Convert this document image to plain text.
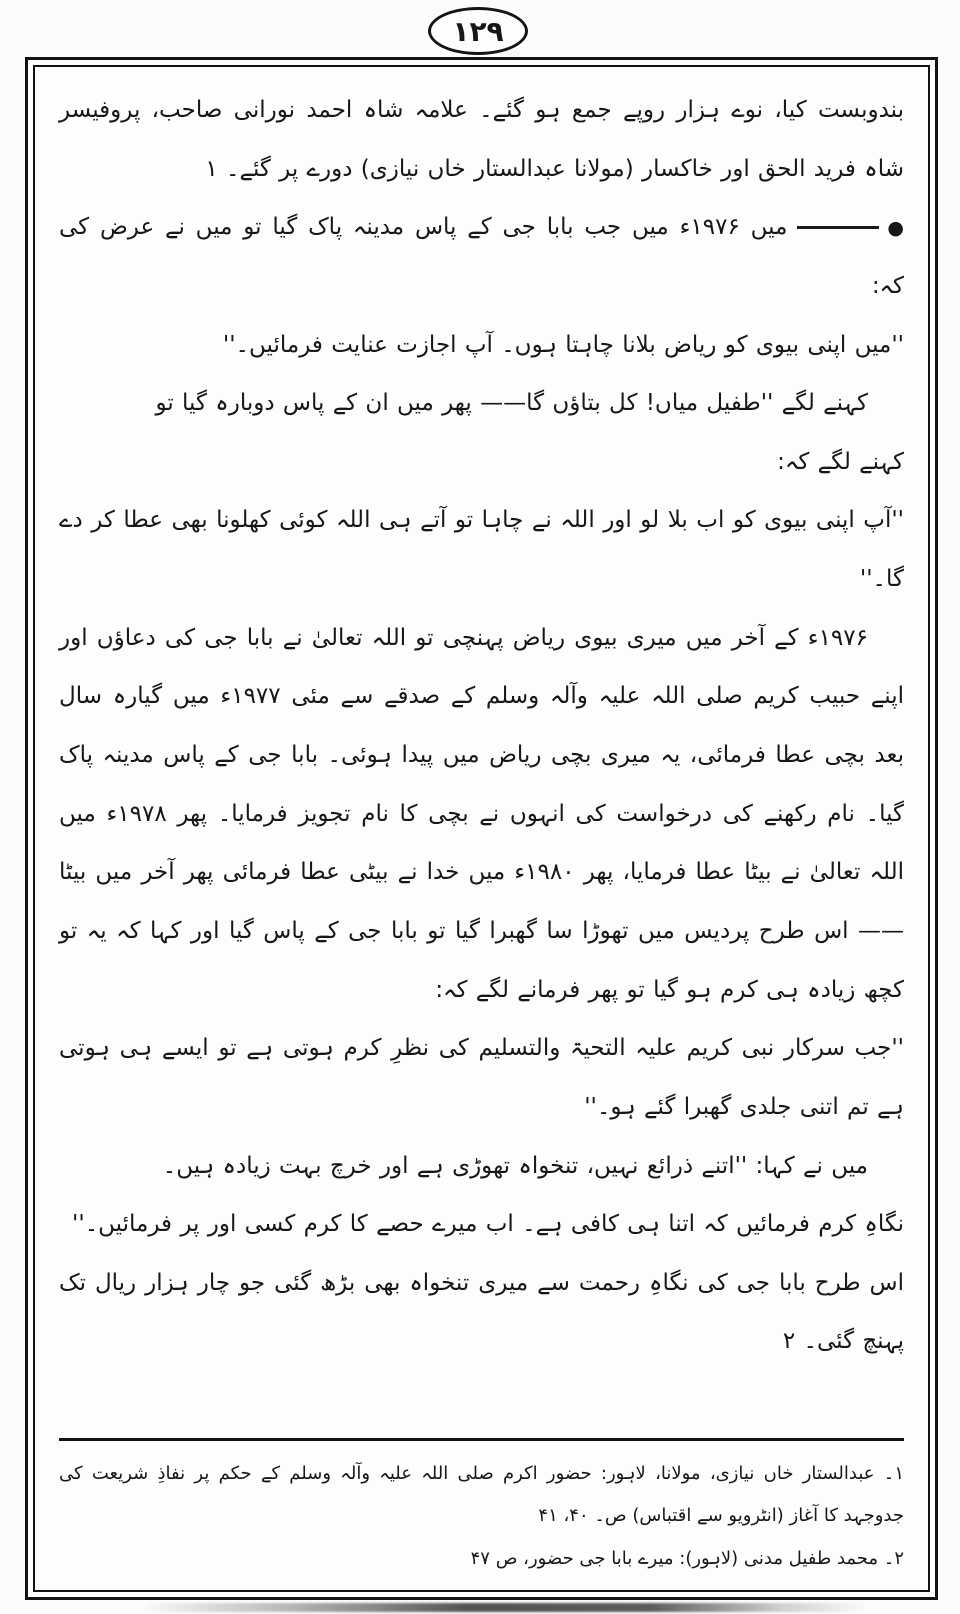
۱۲۹

بندوبست کیا، نوے ہزار روپے جمع ہو گئے۔ علامہ شاہ احمد نورانی صاحب، پروفیسر شاہ فرید الحق اور خاکسار (مولانا عبدالستار خاں نیازی) دورے پر گئے۔ ۱

●میں ۱۹۷۶ء میں جب بابا جی کے پاس مدینہ پاک گیا تو میں نے عرض کی کہ:

''میں اپنی بیوی کو ریاض بلانا چاہتا ہوں۔ آپ اجازت عنایت فرمائیں۔''

کہنے لگے ''طفیل میاں! کل بتاؤں گا—— پھر میں ان کے پاس دوبارہ گیا تو

کہنے لگے کہ:

''آپ اپنی بیوی کو اب بلا لو اور اللہ نے چاہا تو آتے ہی اللہ کوئی کھلونا بھی عطا کر دے گا۔''

۱۹۷۶ء کے آخر میں میری بیوی ریاض پہنچی تو اللہ تعالیٰ نے بابا جی کی دعاؤں اور اپنے حبیب کریم صلی اللہ علیہ وآلہ وسلم کے صدقے سے مئی ۱۹۷۷ء میں گیارہ سال بعد بچی عطا فرمائی، یہ میری بچی ریاض میں پیدا ہوئی۔ بابا جی کے پاس مدینہ پاک گیا۔ نام رکھنے کی درخواست کی انہوں نے بچی کا نام تجویز فرمایا۔ پھر ۱۹۷۸ء میں اللہ تعالیٰ نے بیٹا عطا فرمایا، پھر ۱۹۸۰ء میں خدا نے بیٹی عطا فرمائی پھر آخر میں بیٹا—— اس طرح پردیس میں تھوڑا سا گھبرا گیا تو بابا جی کے پاس گیا اور کہا کہ یہ تو کچھ زیادہ ہی کرم ہو گیا تو پھر فرمانے لگے کہ:

''جب سرکار نبی کریم علیہ التحیۃ والتسلیم کی نظرِ کرم ہوتی ہے تو ایسے ہی ہوتی ہے تم اتنی جلدی گھبرا گئے ہو۔''

میں نے کہا: ''اتنے ذرائع نہیں، تنخواہ تھوڑی ہے اور خرچ بہت زیادہ ہیں۔

نگاہِ کرم فرمائیں کہ اتنا ہی کافی ہے۔ اب میرے حصے کا کرم کسی اور پر فرمائیں۔''

اس طرح بابا جی کی نگاہِ رحمت سے میری تنخواہ بھی بڑھ گئی جو چار ہزار ریال تک پہنچ گئی۔ ۲

۱۔ عبدالستار خاں نیازی، مولانا، لاہور: حضور اکرم صلی اللہ علیہ وآلہ وسلم کے حکم پر نفاذِ شریعت کی جدوجہد کا آغاز (انٹرویو سے اقتباس) ص۔ ۴۰، ۴۱

۲۔ محمد طفیل مدنی (لاہور): میرے بابا جی حضور، ص ۴۷
